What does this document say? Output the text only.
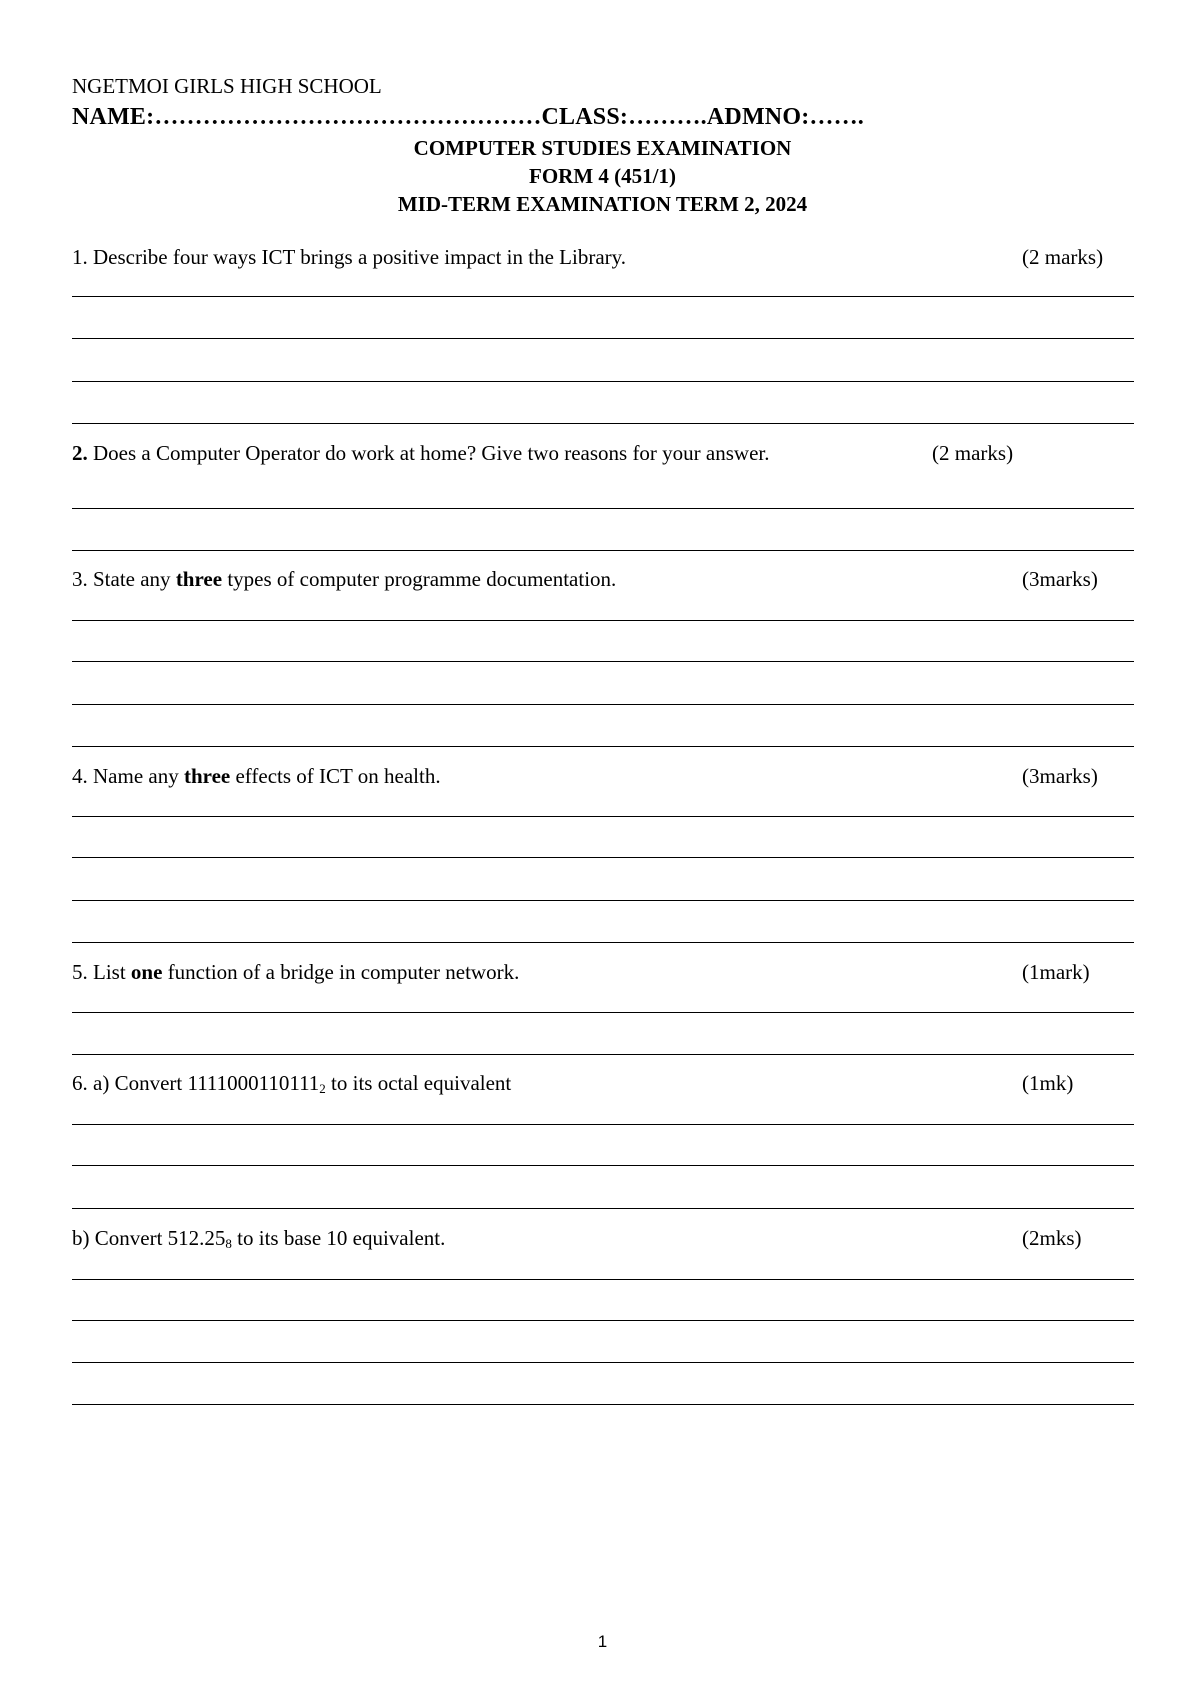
NGETMOI GIRLS HIGH SCHOOL
NAME:…………………………………………CLASS:……….ADMNO:…….
COMPUTER STUDIES EXAMINATION
FORM 4 (451/1)
MID-TERM EXAMINATION TERM 2, 2024
1. Describe four ways ICT brings a positive impact in the Library.	(2 marks)
2. Does a Computer Operator do work at home? Give two reasons for your answer.	(2 marks)
3. State any three types of computer programme documentation.	(3marks)
4. Name any three effects of ICT on health.	(3marks)
5. List one function of a bridge in computer network.	(1mark)
6. a) Convert $1111000110111_2$ to its octal equivalent	(1mk)
b) Convert $512.25_8$ to its base 10 equivalent.	(2mks)
1
